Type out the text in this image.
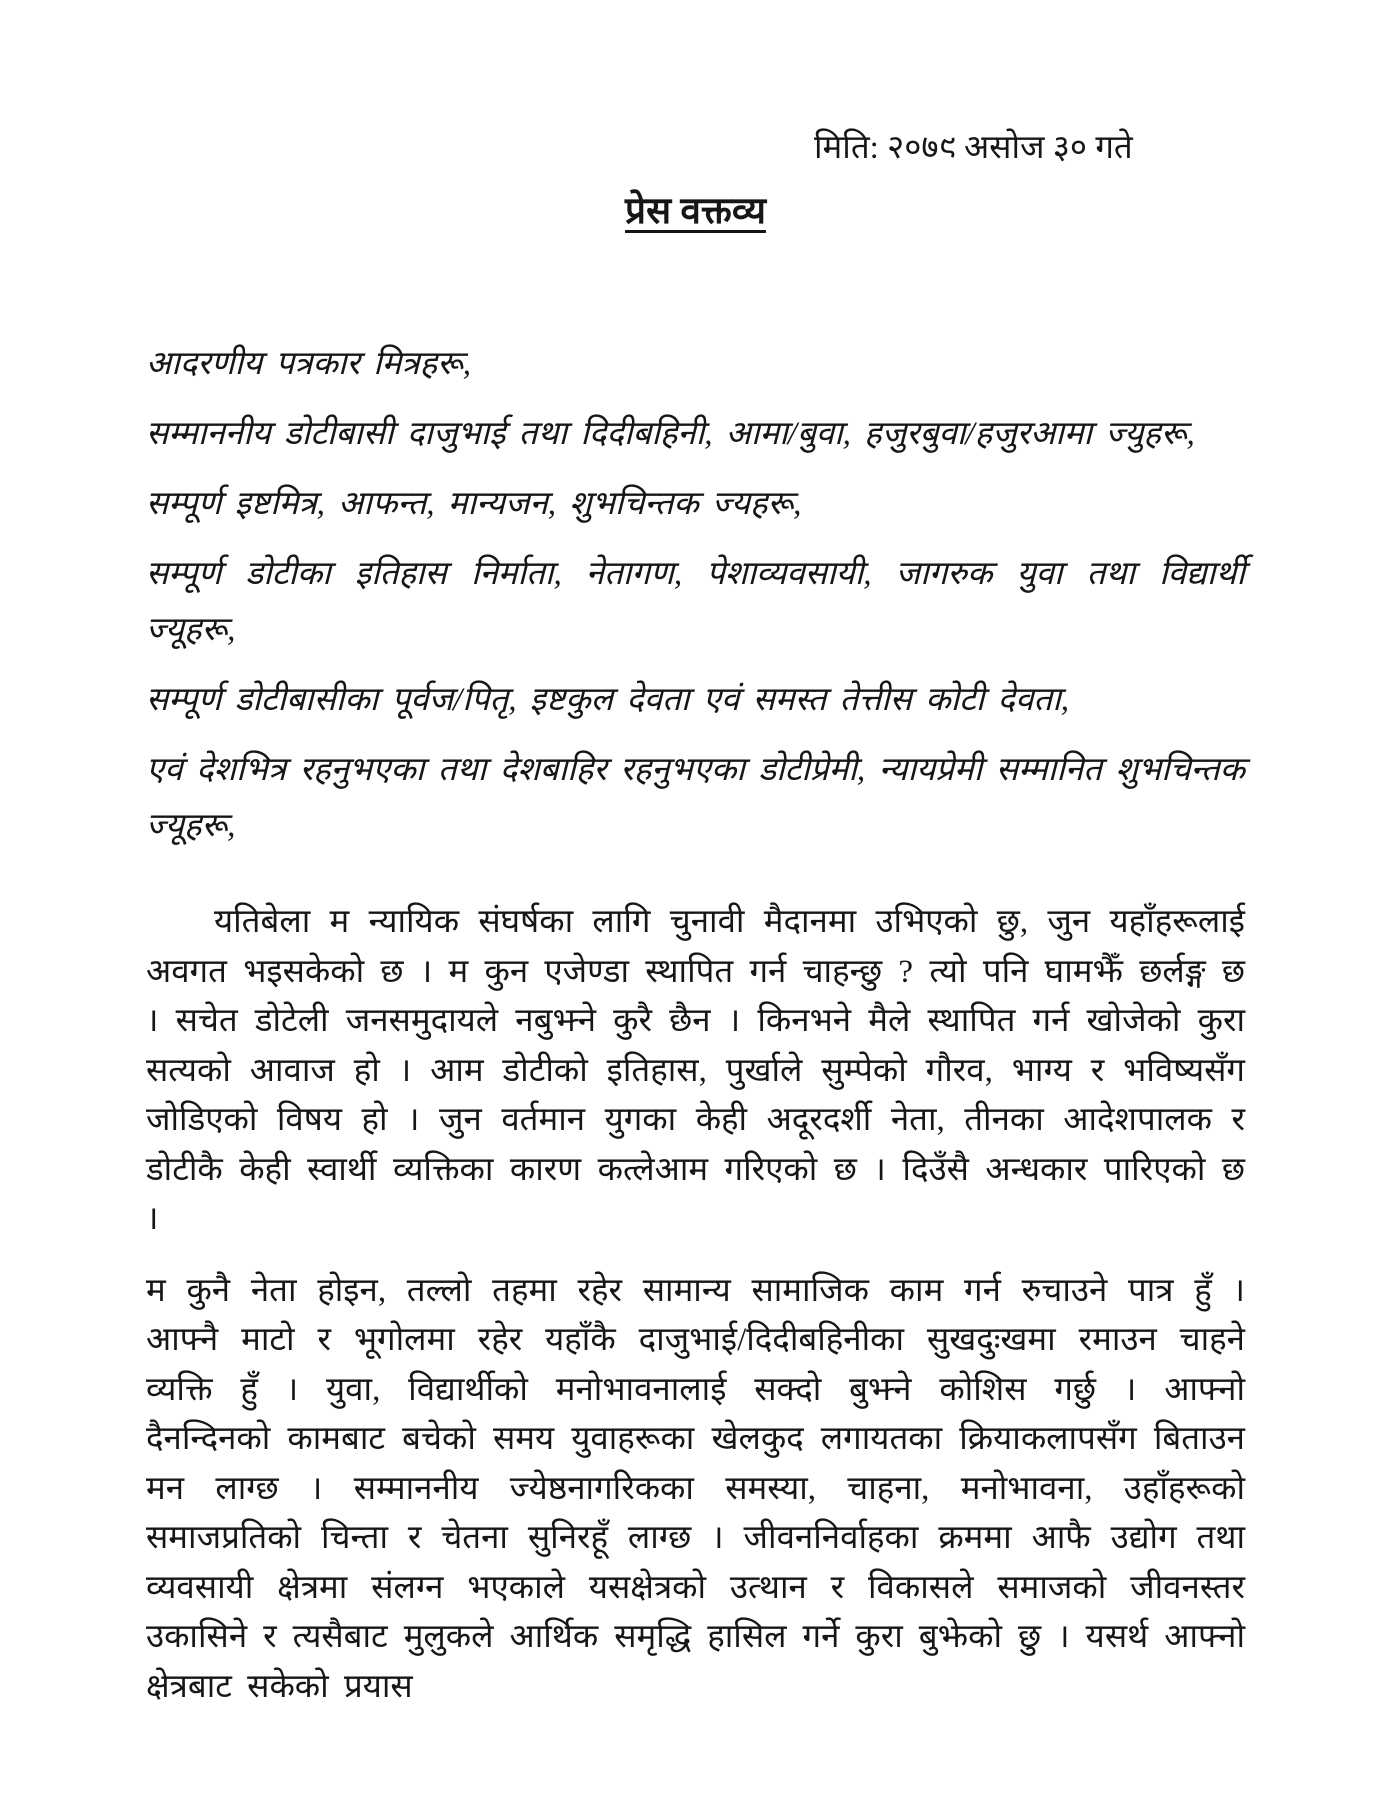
मिति: २०७९ असोज ३० गते
प्रेस वक्तव्य

आदरणीय पत्रकार मित्रहरू,

सम्माननीय डोटीबासी दाजुभाई तथा दिदीबहिनी, आमा/बुवा, हजुरबुवा/हजुरआमा ज्युहरू,

सम्पूर्ण इष्टमित्र, आफन्त, मान्यजन, शुभचिन्तक ज्यहरू,

सम्पूर्ण डोटीका इतिहास निर्माता, नेतागण, पेशाव्यवसायी, जागरुक युवा तथा विद्यार्थी ज्यूहरू,

सम्पूर्ण डोटीबासीका पूर्वज/पितृ, इष्टकुल देवता एवं समस्त तेत्तीस कोटी देवता,

एवं देशभित्र रहनुभएका तथा देशबाहिर रहनुभएका डोटीप्रेमी, न्यायप्रेमी सम्मानित शुभचिन्तक ज्यूहरू,

यतिबेला म न्यायिक संघर्षका लागि चुनावी मैदानमा उभिएको छु, जुन यहाँहरूलाई अवगत भइसकेको छ । म कुन एजेण्डा स्थापित गर्न चाहन्छु ? त्यो पनि घामझैँ छर्लङ्ग छ । सचेत डोटेली जनसमुदायले नबुझ्ने कुरै छैन । किनभने मैले स्थापित गर्न खोजेको कुरा सत्यको आवाज हो । आम डोटीको इतिहास, पुर्खाले सुम्पेको गौरव, भाग्य र भविष्यसँग जोडिएको विषय हो । जुन वर्तमान युगका केही अदूरदर्शी नेता, तीनका आदेशपालक र डोटीकै केही स्वार्थी व्यक्तिका कारण कत्लेआम गरिएको छ । दिउँसै अन्धकार पारिएको छ ।

म कुनै नेता होइन, तल्लो तहमा रहेर सामान्य सामाजिक काम गर्न रुचाउने पात्र हुँ । आफ्नै माटो र भूगोलमा रहेर यहाँकै दाजुभाई/दिदीबहिनीका सुखदुःखमा रमाउन चाहने व्यक्ति हुँ । युवा, विद्यार्थीको मनोभावनालाई सक्दो बुझ्ने कोशिस गर्छु । आफ्नो दैनन्दिनको कामबाट बचेको समय युवाहरूका खेलकुद लगायतका क्रियाकलापसँग बिताउन मन लाग्छ । सम्माननीय ज्येष्ठनागरिकका समस्या, चाहना, मनोभावना, उहाँहरूको समाजप्रतिको चिन्ता र चेतना सुनिरहूँ लाग्छ । जीवननिर्वाहका क्रममा आफै उद्योग तथा व्यवसायी क्षेत्रमा संलग्न भएकाले यसक्षेत्रको उत्थान र विकासले समाजको जीवनस्तर उकासिने र त्यसैबाट मुलुकले आर्थिक समृद्धि हासिल गर्ने कुरा बुझेको छु । यसर्थ आफ्नो क्षेत्रबाट सकेको प्रयास
